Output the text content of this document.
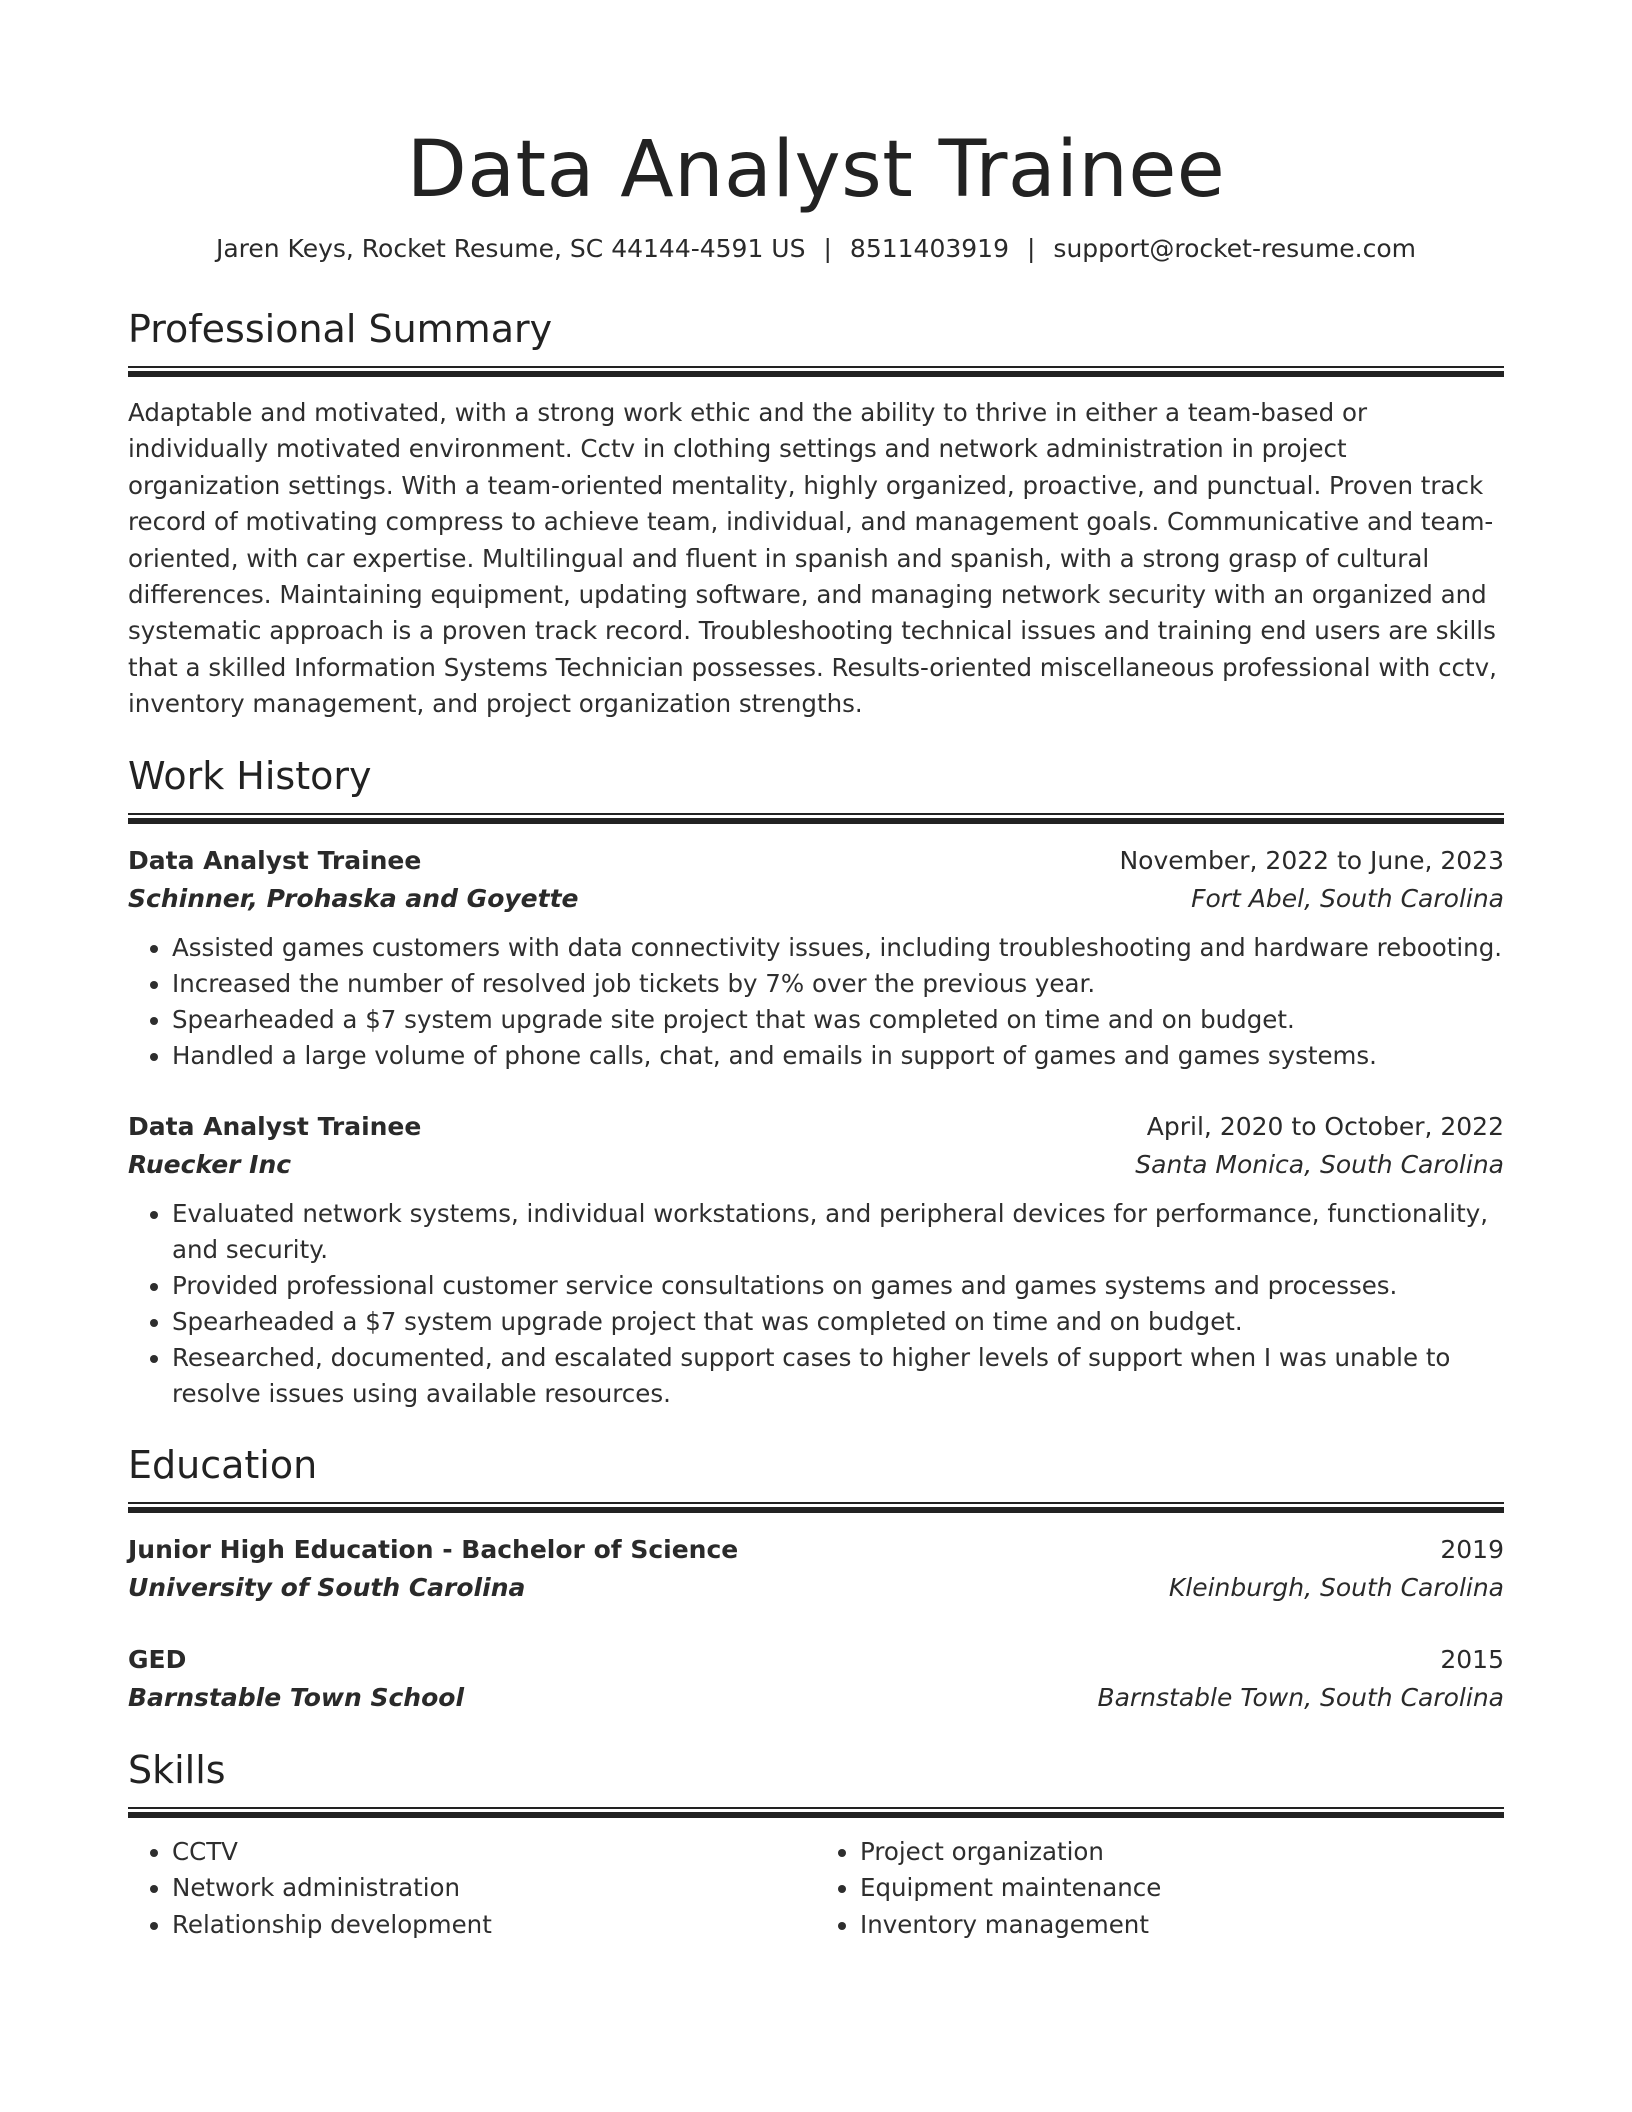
Data Analyst Trainee
Jaren Keys, Rocket Resume, SC 44144-4591 US | 8511403919 | support@rocket-resume.com
Professional Summary

Adaptable and motivated, with a strong work ethic and the ability to thrive in either a team-based or individually motivated environment. Cctv in clothing settings and network administration in project organization settings. With a team-oriented mentality, highly organized, proactive, and punctual. Proven track record of motivating compress to achieve team, individual, and management goals. Communicative and team-oriented, with car expertise. Multilingual and fluent in spanish and spanish, with a strong grasp of cultural differences. Maintaining equipment, updating software, and managing network security with an organized and systematic approach is a proven track record. Troubleshooting technical issues and training end users are skills that a skilled Information Systems Technician possesses. Results-oriented miscellaneous professional with cctv, inventory management, and project organization strengths.

Work History
Data Analyst Trainee	November, 2022 to June, 2023
Schinner, Prohaska and Goyette	Fort Abel, South Carolina
• Assisted games customers with data connectivity issues, including troubleshooting and hardware rebooting.
• Increased the number of resolved job tickets by 7% over the previous year.
• Spearheaded a $7 system upgrade site project that was completed on time and on budget.
• Handled a large volume of phone calls, chat, and emails in support of games and games systems.
Data Analyst Trainee	April, 2020 to October, 2022
Ruecker Inc	Santa Monica, South Carolina
• Evaluated network systems, individual workstations, and peripheral devices for performance, functionality, and security.
• Provided professional customer service consultations on games and games systems and processes.
• Spearheaded a $7 system upgrade project that was completed on time and on budget.
• Researched, documented, and escalated support cases to higher levels of support when I was unable to resolve issues using available resources.
Education
Junior High Education - Bachelor of Science	2019
University of South Carolina	Kleinburgh, South Carolina
GED	2015
Barnstable Town School	Barnstable Town, South Carolina
Skills
• CCTV
• Network administration
• Relationship development
• Project organization
• Equipment maintenance
• Inventory management
